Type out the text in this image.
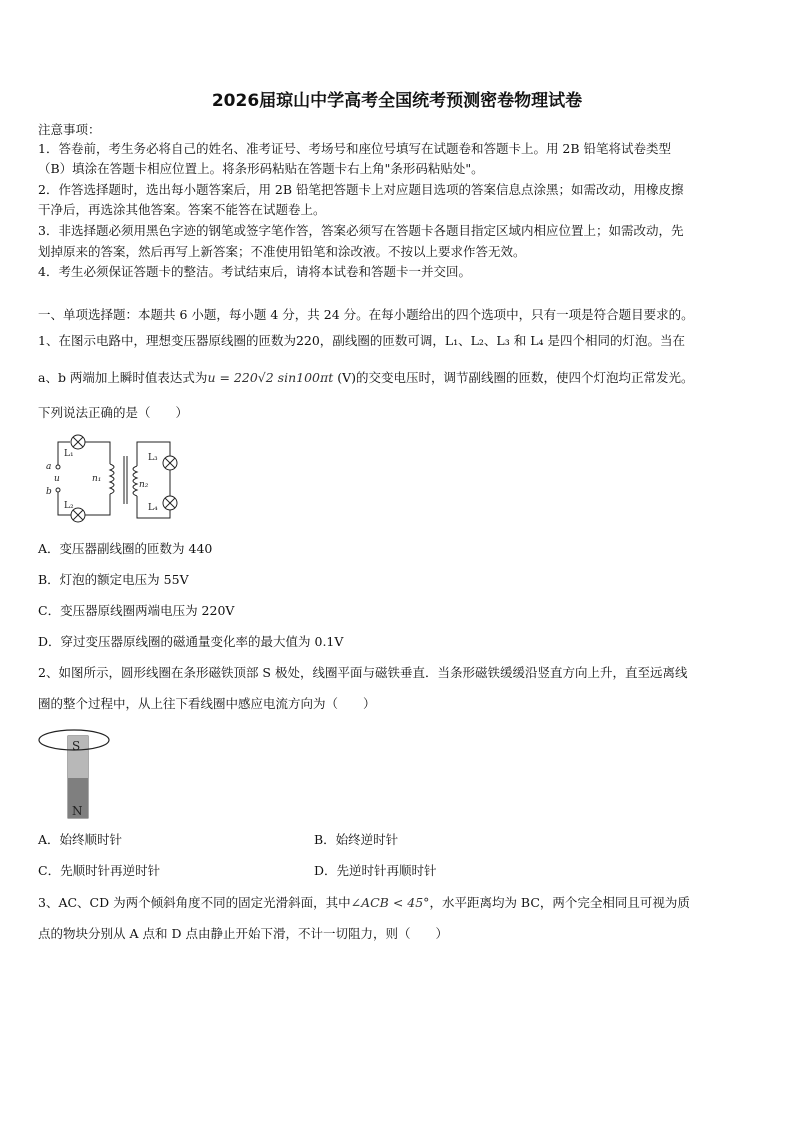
2026届琼山中学高考全国统考预测密卷物理试卷
注意事项：
1．答卷前，考生务必将自己的姓名、准考证号、考场号和座位号填写在试题卷和答题卡上。用 2B 铅笔将试卷类型
（B）填涂在答题卡相应位置上。将条形码粘贴在答题卡右上角"条形码粘贴处"。
2．作答选择题时，选出每小题答案后，用 2B 铅笔把答题卡上对应题目选项的答案信息点涂黑；如需改动，用橡皮擦
干净后，再选涂其他答案。答案不能答在试题卷上。
3．非选择题必须用黑色字迹的钢笔或签字笔作答，答案必须写在答题卡各题目指定区域内相应位置上；如需改动，先
划掉原来的答案，然后再写上新答案；不准使用铅笔和涂改液。不按以上要求作答无效。
4．考生必须保证答题卡的整洁。考试结束后，请将本试卷和答题卡一并交回。
一、单项选择题：本题共 6 小题，每小题 4 分，共 24 分。在每小题给出的四个选项中，只有一项是符合题目要求的。
1、在图示电路中，理想变压器原线圈的匝数为220，副线圈的匝数可调，L₁、L₂、L₃ 和 L₄ 是四个相同的灯泡。当在
a、b 两端加上瞬时值表达式为u = 220√2 sin100πt (V)的交变电压时，调节副线圈的匝数，使四个灯泡均正常发光。
下列说法正确的是（　　）
L₁
L₂
L₃
L₄
a
u
b
n₁
n₂
A．变压器副线圈的匝数为 440
B．灯泡的额定电压为 55V
C．变压器原线圈两端电压为 220V
D．穿过变压器原线圈的磁通量变化率的最大值为 0.1V
2、如图所示，圆形线圈在条形磁铁顶部 S 极处，线圈平面与磁铁垂直．当条形磁铁缓缓沿竖直方向上升，直至远离线
圈的整个过程中，从上往下看线圈中感应电流方向为（　　）
S
N
A．始终顺时针	B．始终逆时针
C．先顺时针再逆时针	D．先逆时针再顺时针
3、AC、CD 为两个倾斜角度不同的固定光滑斜面，其中∠ACB < 45°，水平距离均为 BC，两个完全相同且可视为质
点的物块分别从 A 点和 D 点由静止开始下滑，不计一切阻力，则（　　）
